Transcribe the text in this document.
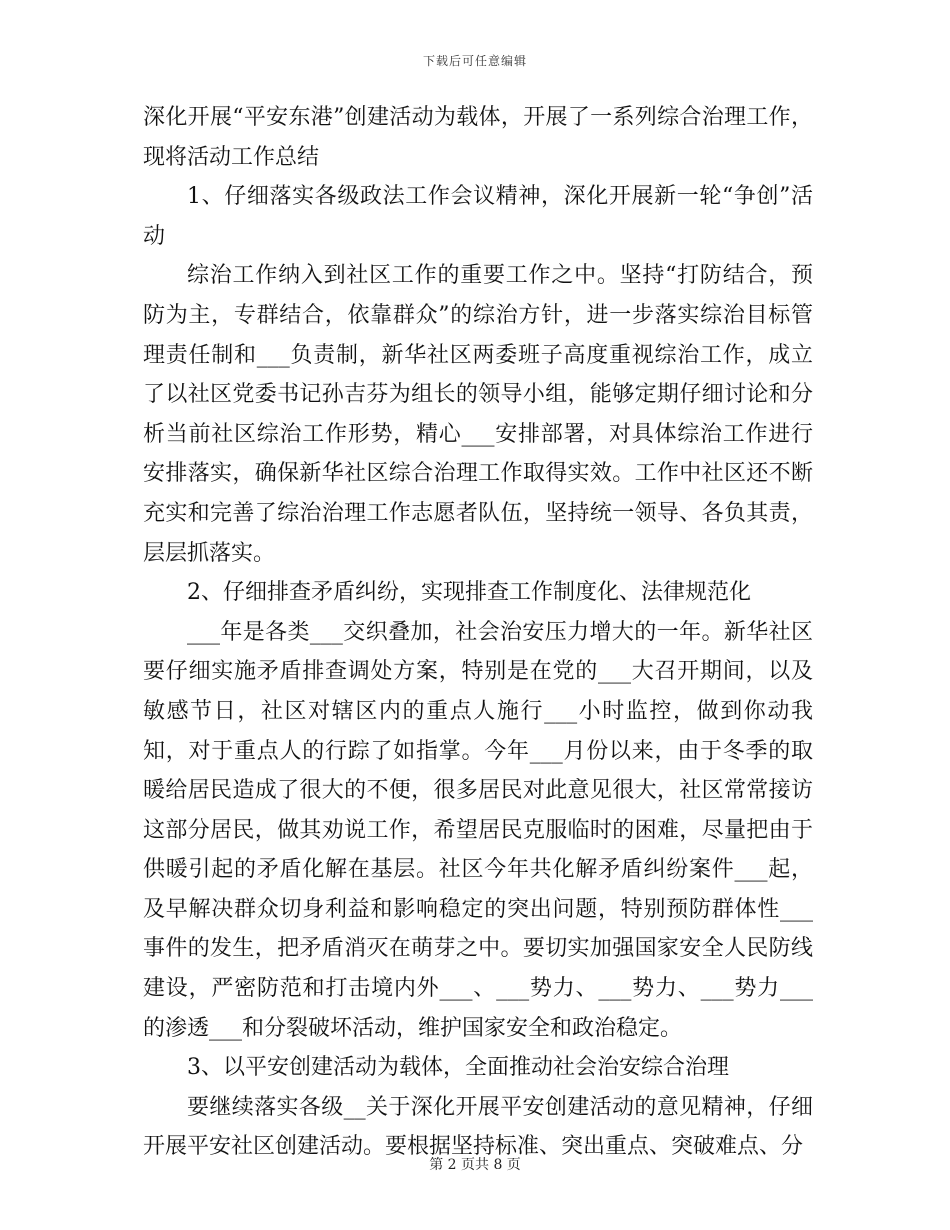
下载后可任意编辑

深化开展“平安东港”创建活动为载体，开展了一系列综合治理工作，现将活动工作总结

1、仔细落实各级政法工作会议精神，深化开展新一轮“争创”活动

综治工作纳入到社区工作的重要工作之中。坚持“打防结合，预防为主，专群结合，依靠群众”的综治方针，进一步落实综治目标管理责任制和___负责制，新华社区两委班子高度重视综治工作，成立了以社区党委书记孙吉芬为组长的领导小组，能够定期仔细讨论和分析当前社区综治工作形势，精心___安排部署，对具体综治工作进行安排落实，确保新华社区综合治理工作取得实效。工作中社区还不断充实和完善了综治治理工作志愿者队伍，坚持统一领导、各负其责，层层抓落实。

2、仔细排查矛盾纠纷，实现排查工作制度化、法律规范化

___年是各类___交织叠加，社会治安压力增大的一年。新华社区要仔细实施矛盾排查调处方案，特别是在党的___大召开期间，以及敏感节日，社区对辖区内的重点人施行___小时监控，做到你动我知，对于重点人的行踪了如指掌。今年___月份以来，由于冬季的取暖给居民造成了很大的不便，很多居民对此意见很大，社区常常接访这部分居民，做其劝说工作，希望居民克服临时的困难，尽量把由于供暖引起的矛盾化解在基层。社区今年共化解矛盾纠纷案件___起，及早解决群众切身利益和影响稳定的突出问题，特别预防群体性___事件的发生，把矛盾消灭在萌芽之中。要切实加强国家安全人民防线建设，严密防范和打击境内外___、___势力、___势力、___势力___的渗透___和分裂破坏活动，维护国家安全和政治稳定。

3、以平安创建活动为载体，全面推动社会治安综合治理

要继续落实各级__关于深化开展平安创建活动的意见精神，仔细开展平安社区创建活动。要根据坚持标准、突出重点、突破难点、分

第 2 页共 8 页
